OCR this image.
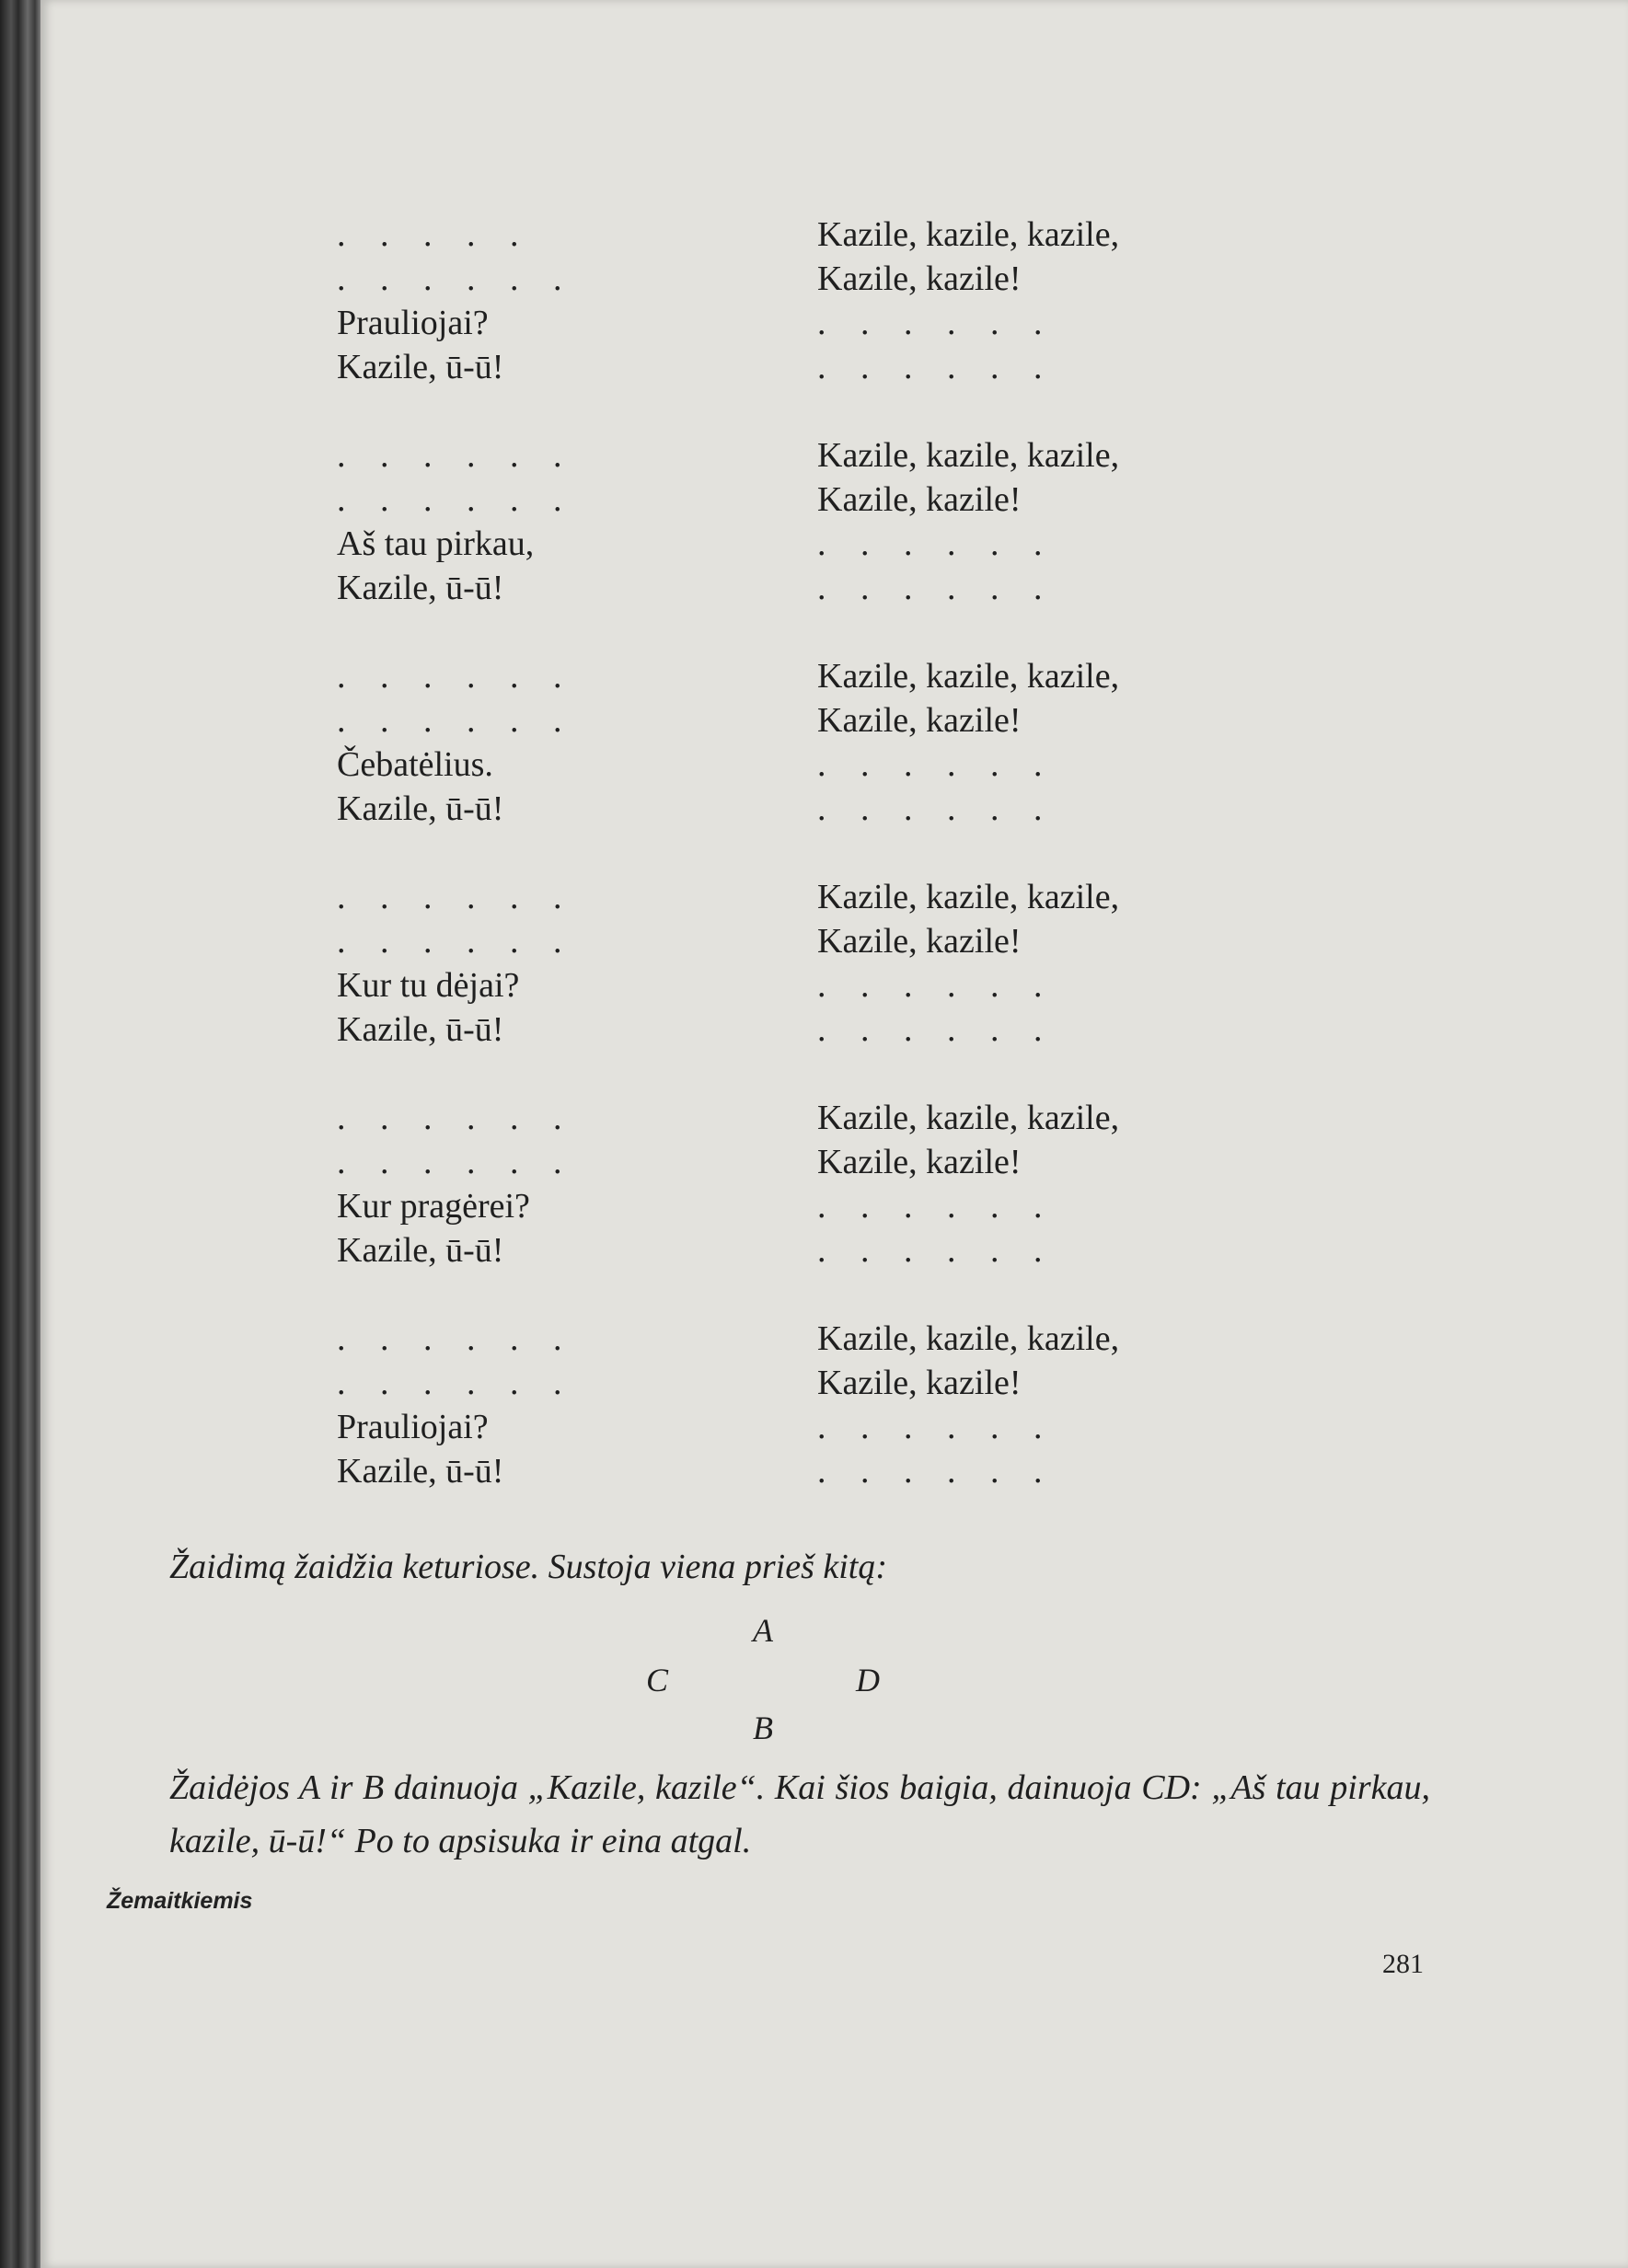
. . . . .	Kazile, kazile, kazile,
. . . . . .	Kazile, kazile!
Prauliojai?	. . . . . .
Kazile, ū-ū!	. . . . . .
. . . . . .	Kazile, kazile, kazile,
. . . . . .	Kazile, kazile!
Aš tau pirkau,	. . . . . .
Kazile, ū-ū!	. . . . . .
. . . . . .	Kazile, kazile, kazile,
. . . . . .	Kazile, kazile!
Čebatėlius.	. . . . . .
Kazile, ū-ū!	. . . . . .
. . . . . .	Kazile, kazile, kazile,
. . . . . .	Kazile, kazile!
Kur tu dėjai?	. . . . . .
Kazile, ū-ū!	. . . . . .
. . . . . .	Kazile, kazile, kazile,
. . . . . .	Kazile, kazile!
Kur pragėrei?	. . . . . .
Kazile, ū-ū!	. . . . . .
. . . . . .	Kazile, kazile, kazile,
. . . . . .	Kazile, kazile!
Prauliojai?	. . . . . .
Kazile, ū-ū!	. . . . . .
Žaidimą žaidžia keturiose. Sustoja viena prieš kitą:
A
C	D
B
Žaidėjos A ir B dainuoja „Kazile, kazile“. Kai šios baigia, dainuoja CD: „Aš tau pirkau, kazile, ū-ū!“ Po to apsisuka ir eina atgal.
Žemaitkiemis
281
